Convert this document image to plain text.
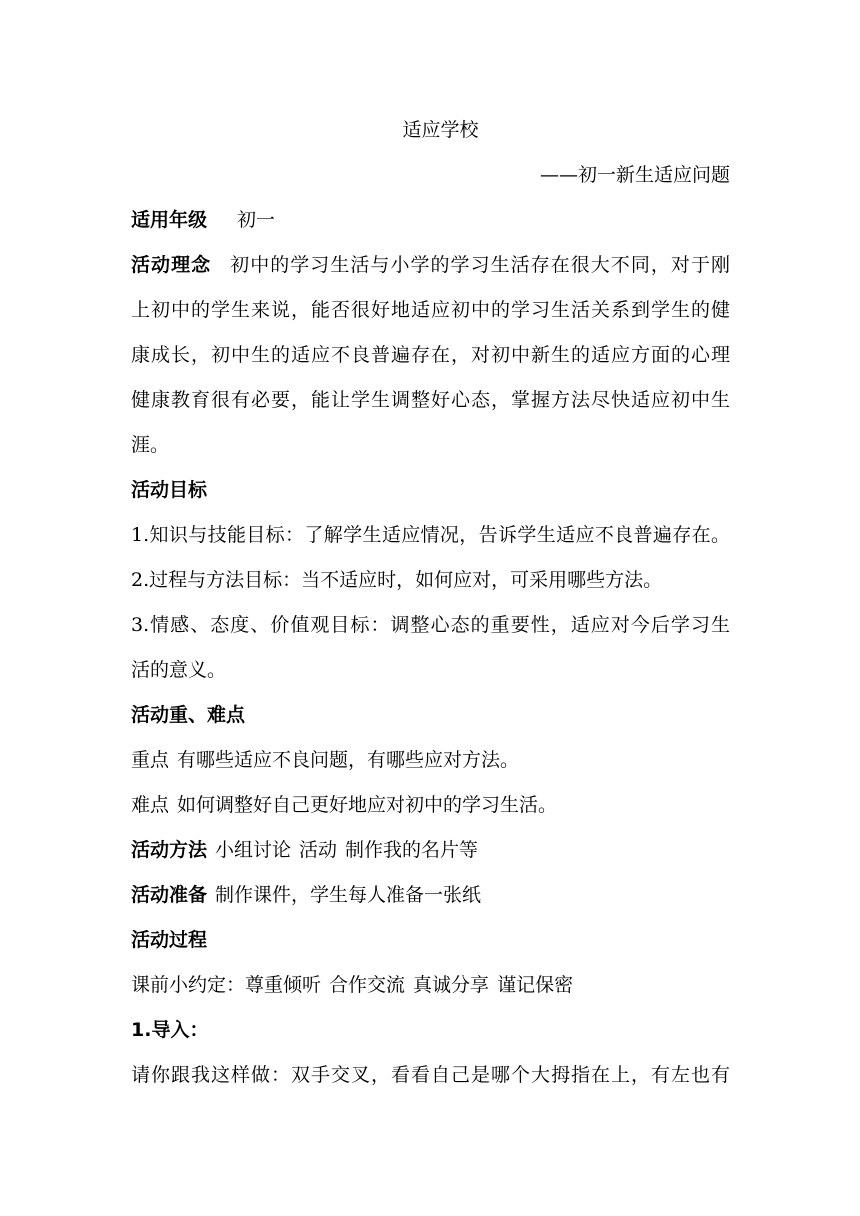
适应学校
——初一新生适应问题
适用年级 初一
活动理念 初中的学习生活与小学的学习生活存在很大不同，对于刚
上初中的学生来说，能否很好地适应初中的学习生活关系到学生的健
康成长，初中生的适应不良普遍存在，对初中新生的适应方面的心理
健康教育很有必要，能让学生调整好心态，掌握方法尽快适应初中生
涯。
活动目标
1.知识与技能目标：了解学生适应情况，告诉学生适应不良普遍存在。
2.过程与方法目标：当不适应时，如何应对，可采用哪些方法。
3.情感、态度、价值观目标：调整心态的重要性，适应对今后学习生
活的意义。
活动重、难点
重点 有哪些适应不良问题，有哪些应对方法。
难点 如何调整好自己更好地应对初中的学习生活。
活动方法 小组讨论 活动 制作我的名片等
活动准备 制作课件，学生每人准备一张纸
活动过程
课前小约定：尊重倾听 合作交流 真诚分享 谨记保密
1.导入：
请你跟我这样做：双手交叉，看看自己是哪个大拇指在上，有左也有
